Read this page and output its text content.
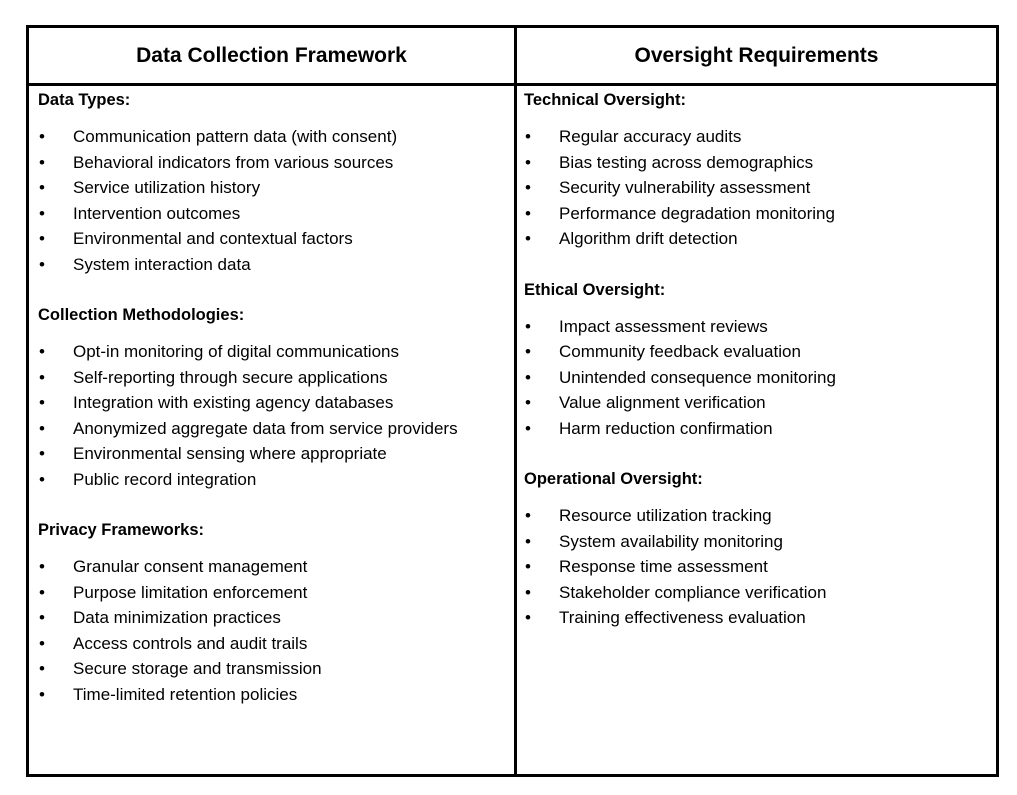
Data Collection Framework	Oversight Requirements
Data Types:
• Communication pattern data (with consent)
• Behavioral indicators from various sources
• Service utilization history
• Intervention outcomes
• Environmental and contextual factors
• System interaction data
Collection Methodologies:
• Opt-in monitoring of digital communications
• Self-reporting through secure applications
• Integration with existing agency databases
• Anonymized aggregate data from service providers
• Environmental sensing where appropriate
• Public record integration
Privacy Frameworks:
• Granular consent management
• Purpose limitation enforcement
• Data minimization practices
• Access controls and audit trails
• Secure storage and transmission
• Time-limited retention policies
Technical Oversight:
• Regular accuracy audits
• Bias testing across demographics
• Security vulnerability assessment
• Performance degradation monitoring
• Algorithm drift detection
Ethical Oversight:
• Impact assessment reviews
• Community feedback evaluation
• Unintended consequence monitoring
• Value alignment verification
• Harm reduction confirmation
Operational Oversight:
• Resource utilization tracking
• System availability monitoring
• Response time assessment
• Stakeholder compliance verification
• Training effectiveness evaluation
